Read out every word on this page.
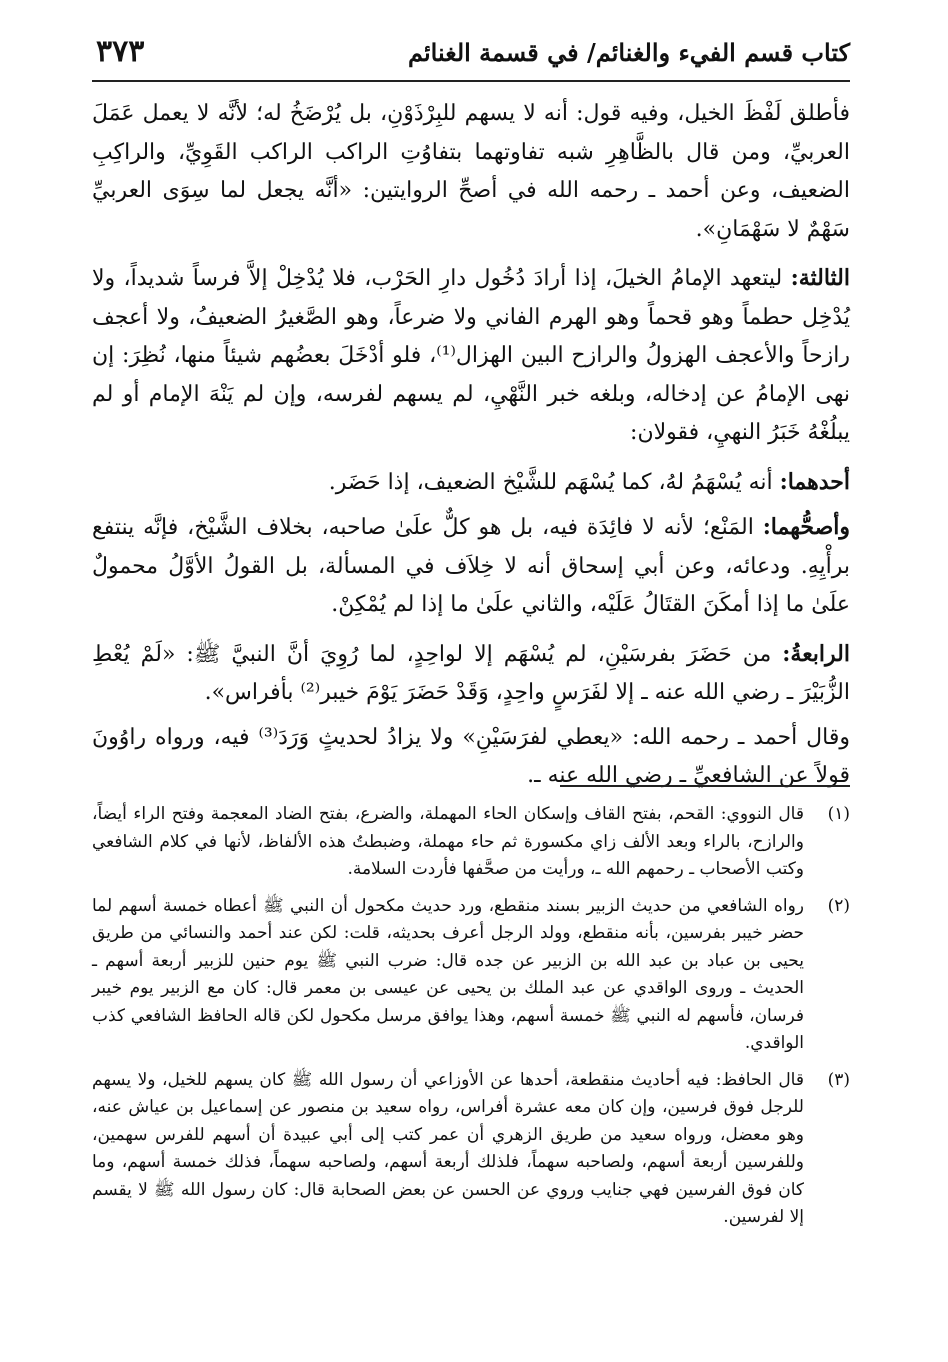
٣٧٣	كتاب قسم الفيء والغنائم/ في قسمة الغنائم

فأطلق لَفْظَ الخيل، وفيه قول: أنه لا يسهم للبِرْذَوْنِ، بل يُرْضَخُ له؛ لأنَّه لا يعمل عَمَلَ العربيِّ، ومن قال بالظَّاهِرِ شبه تفاوتهما بتفاوُتِ الراكب الراكب القَوِيِّ، والراكِبِ الضعيف، وعن أحمد ـ رحمه الله في أصحِّ الروايتين: «أنَّه يجعل لما سِوَى العربيِّ سَهْمٌ لا سَهْمَانِ».

الثالثة: ليتعهد الإمامُ الخيلَ، إذا أرادَ دُخُول دارِ الحَرْب، فلا يُدْخِلْ إلاَّ فرساً شديداً، ولا يُدْخِل حطماً وهو قحماً وهو الهرم الفاني ولا ضرعاً، وهو الصَّغيرُ الضعيفُ، ولا أعجف رازحاً والأعجف الهزولُ والرازح البين الهزال⁽¹⁾، فلو أدْخَلَ بعضُهم شيئاً منها، نُظِرَ: إن نهى الإمامُ عن إدخاله، وبلغه خبر النَّهْيِ، لم يسهم لفرسه، وإن لم يَنْهَ الإمام أو لم يبلُغْهُ خَبَرُ النهيِ، فقولان:

أحدهما: أنه يُسْهَمُ لهُ، كما يُسْهَم للشَّيْخ الضعيف، إذا حَضَر.

وأصحُّهما: المَنْع؛ لأنه لا فائِدَة فيه، بل هو كلٌّ علَىٰ صاحبه، بخلاف الشَّيْخ، فإنَّه ينتفع برأْيِهِ. ودعائه، وعن أبي إسحاق أنه لا خِلاَف في المسألة، بل القولُ الأوَّلُ محمولٌ علَىٰ ما إذا أمكَنَ القتَالُ عَلَيْه، والثاني علَىٰ ما إذا لم يُمْكِنْ.

الرابعةُ: من حَضَرَ بفرسَيْنِ، لم يُسْهَم إلا لواحِدٍ، لما رُوِيَ أنَّ النبيَّ ﷺ: «لَمْ يُعْطِ الزُّبَيْرَ ـ رضي الله عنه ـ إلا لفَرَسٍ واحِدٍ، وَقَدْ حَضَرَ يَوْمَ خيبر⁽²⁾ بأفراس».

وقال أحمد ـ رحمه الله: «يعطي لفرَسَيْنِ» ولا يزادُ لحديثٍ وَرَدَ⁽³⁾ فيه، ورواه راوُونَ قولاً عن الشافعيِّ ـ رضي الله عنه ـ.

(١)
قال النووي: القحم، بفتح القاف وإسكان الحاء المهملة، والضرع، بفتح الضاد المعجمة وفتح الراء أيضاً، والرازح، بالراء وبعد الألف زاي مكسورة ثم حاء مهملة، وضبطتُ هذه الألفاظ، لأنها في كلام الشافعي وكتب الأصحاب ـ رحمهم الله ـ، ورأيت من صحَّفها فأردت السلامة.
(٢)
رواه الشافعي من حديث الزبير بسند منقطع، ورد حديث مكحول أن النبي ﷺ أعطاه خمسة أسهم لما حضر خيبر بفرسين، بأنه منقطع، وولد الرجل أعرف بحديثه، قلت: لكن عند أحمد والنسائي من طريق يحيى بن عباد بن عبد الله بن الزبير عن جده قال: ضرب النبي ﷺ يوم حنين للزبير أربعة أسهم ـ الحديث ـ وروى الواقدي عن عبد الملك بن يحيى عن عيسى بن معمر قال: كان مع الزبير يوم خيبر فرسان، فأسهم له النبي ﷺ خمسة أسهم، وهذا يوافق مرسل مكحول لكن قاله الحافظ الشافعي كذب الواقدي.
(٣)
قال الحافظ: فيه أحاديث منقطعة، أحدها عن الأوزاعي أن رسول الله ﷺ كان يسهم للخيل، ولا يسهم للرجل فوق فرسين، وإن كان معه عشرة أفراس، رواه سعيد بن منصور عن إسماعيل بن عياش عنه، وهو معضل، ورواه سعيد من طريق الزهري أن عمر كتب إلى أبي عبيدة أن أسهم للفرس سهمين، وللفرسين أربعة أسهم، ولصاحبه سهماً، فلذلك أربعة أسهم، ولصاحبه سهماً، فذلك خمسة أسهم، وما كان فوق الفرسين فهي جنايب وروي عن الحسن عن بعض الصحابة قال: كان رسول الله ﷺ لا يقسم إلا لفرسين.
